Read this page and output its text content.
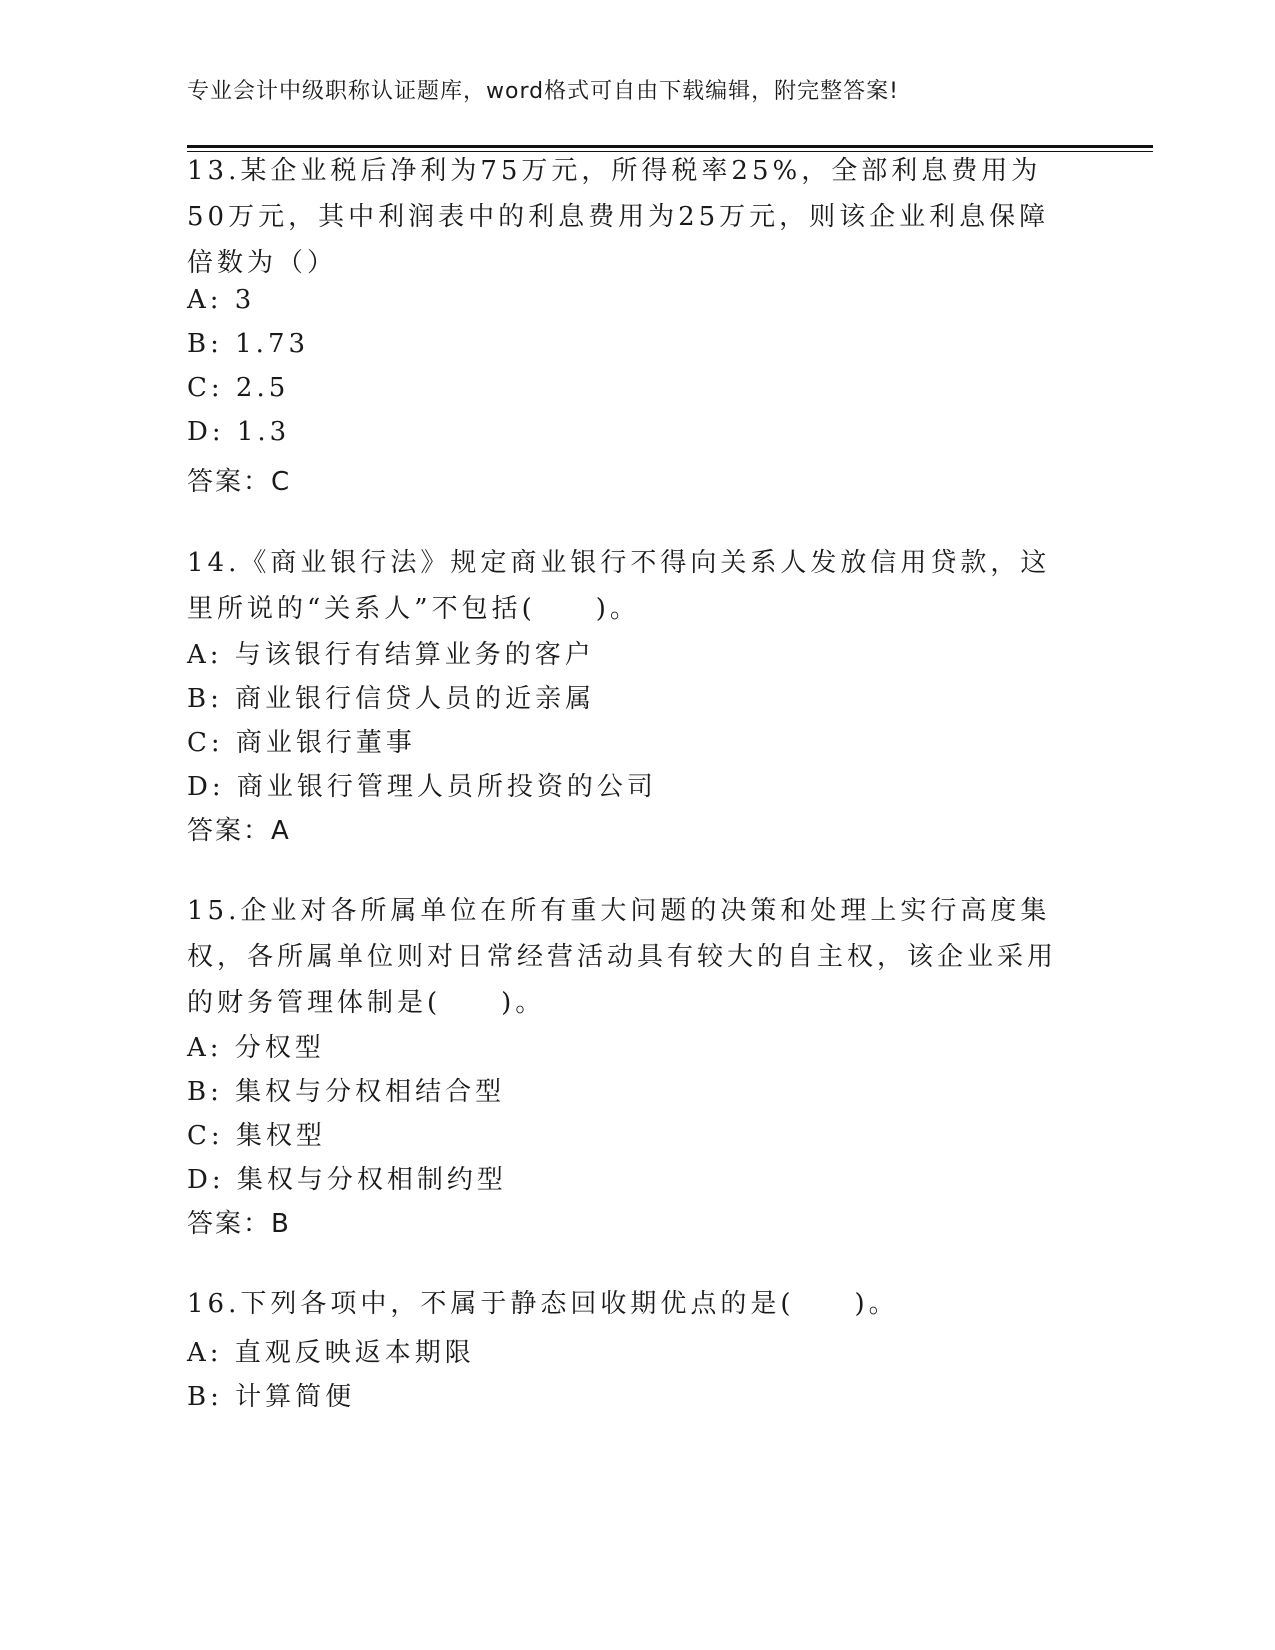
专业会计中级职称认证题库，word格式可自由下载编辑，附完整答案!
13.某企业税后净利为75万元，所得税率25%，全部利息费用为50万元，其中利润表中的利息费用为25万元，则该企业利息保障倍数为（）
A: 3
B: 1.73
C: 2.5
D: 1.3
答案：C
14.《商业银行法》规定商业银行不得向关系人发放信用贷款，这里所说的“关系人”不包括(　　)。
A: 与该银行有结算业务的客户
B: 商业银行信贷人员的近亲属
C: 商业银行董事
D: 商业银行管理人员所投资的公司
答案：A
15.企业对各所属单位在所有重大问题的决策和处理上实行高度集权，各所属单位则对日常经营活动具有较大的自主权，该企业采用的财务管理体制是(　　)。
A: 分权型
B: 集权与分权相结合型
C: 集权型
D: 集权与分权相制约型
答案：B
16.下列各项中，不属于静态回收期优点的是(　　)。
A: 直观反映返本期限
B: 计算简便
